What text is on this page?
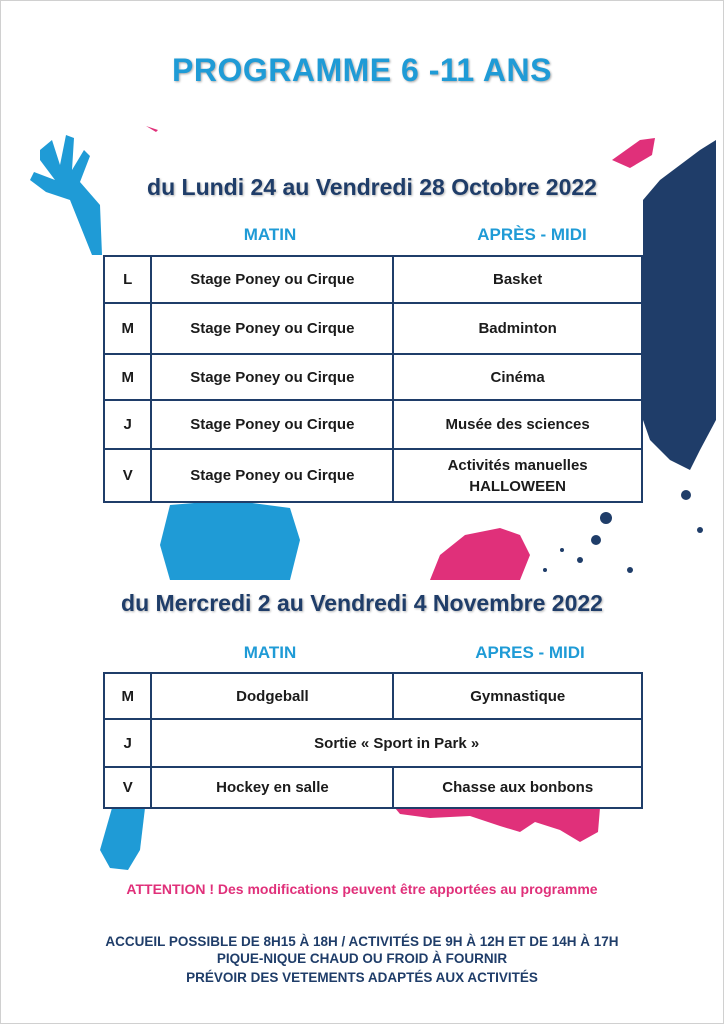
PROGRAMME 6 -11 ANS
du Lundi 24 au Vendredi 28 Octobre 2022
MATIN	APRÈS - MIDI
L	Stage Poney ou Cirque	Basket
M	Stage Poney ou Cirque	Badminton
M	Stage Poney ou Cirque	Cinéma
J	Stage Poney ou Cirque	Musée des sciences
V	Stage Poney ou Cirque	Activités manuelles
HALLOWEEN
du Mercredi 2 au Vendredi 4 Novembre 2022
MATIN	APRES - MIDI
M	Dodgeball	Gymnastique
J	Sortie « Sport in Park »	
V	Hockey en salle	Chasse aux bonbons
ATTENTION ! Des modifications peuvent être apportées au programme
ACCUEIL POSSIBLE DE 8H15 À 18H / ACTIVITÉS DE 9H À 12H ET DE 14H À 17H
PIQUE-NIQUE CHAUD OU FROID À FOURNIR
PRÉVOIR DES VETEMENTS ADAPTÉS AUX ACTIVITÉS
